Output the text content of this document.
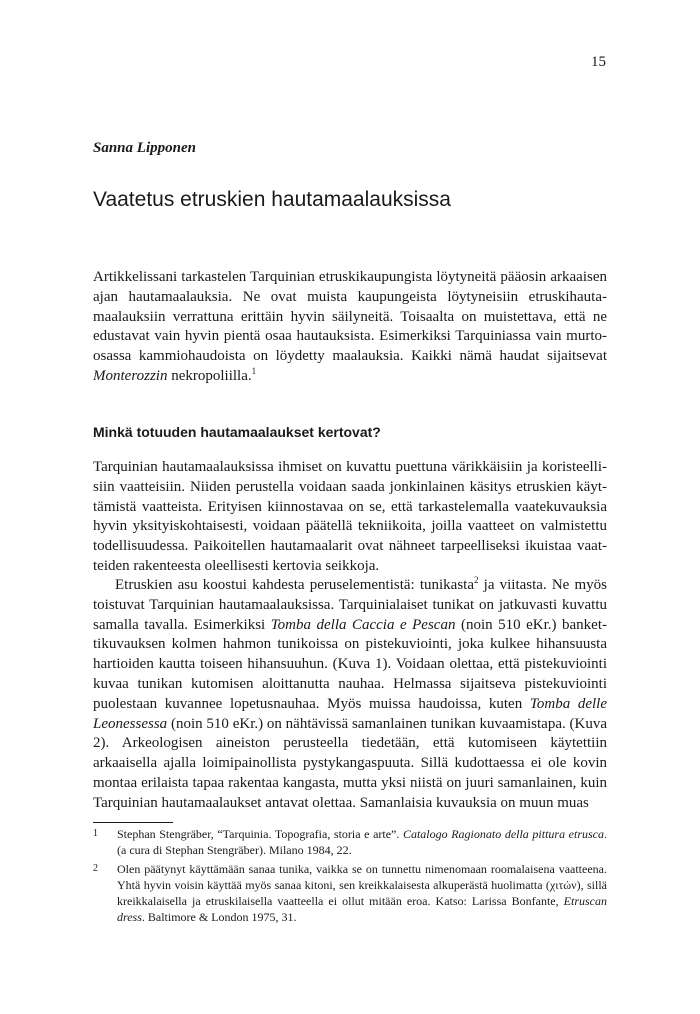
15
Sanna Lipponen
Vaatetus etruskien hautamaalauksissa

Artikkelissani tarkastelen Tarquinian etruskikaupungista löytyneitä pääosin arkaaisen ajan hautamaalauksia. Ne ovat muista kaupungeista löytyneisiin etruskihautamaalauksiin verrattuna erittäin hyvin säilyneitä. Toisaalta on muistettava, että ne edustavat vain hyvin pientä osaa hautauksista. Esimerkiksi Tarquiniassa vain murto-osassa kammiohaudoista on löydetty maalauksia. Kaikki nämä haudat sijaitsevat Monterozzin nekropoliilla.$^1$

Minkä totuuden hautamaalaukset kertovat?

Tarquinian hautamaalauksissa ihmiset on kuvattu puettuna värikkäisiin ja koristeellisiin vaatteisiin. Niiden perustella voidaan saada jonkinlainen käsitys etruskien käyttämistä vaatteista. Erityisen kiinnostavaa on se, että tarkastelemalla vaatekuvauksia hyvin yksityiskohtaisesti, voidaan päätellä tekniikoita, joilla vaatteet on valmistettu todellisuudessa. Paikoitellen hautamaalarit ovat nähneet tarpeelliseksi ikuistaa vaatteiden rakenteesta oleellisesti kertovia seikkoja.

Etruskien asu koostui kahdesta peruselementistä: tunikasta$^2$ ja viitasta. Ne myös toistuvat Tarquinian hautamaalauksissa. Tarquinialaiset tunikat on jatkuvasti kuvattu samalla tavalla. Esimerkiksi Tomba della Caccia e Pescan (noin 510 eKr.) bankettikuvauksen kolmen hahmon tunikoissa on pistekuviointi, joka kulkee hihansuusta hartioiden kautta toiseen hihansuuhun. (Kuva 1). Voidaan olettaa, että pistekuviointi kuvaa tunikan kutomisen aloittanutta nauhaa. Helmassa sijaitseva pistekuviointi puolestaan kuvannee lopetusnauhaa. Myös muissa haudoissa, kuten Tomba delle Leonessessa (noin 510 eKr.) on nähtävissä samanlainen tunikan kuvaamistapa. (Kuva 2). Arkeologisen aineiston perusteella tiedetään, että kutomiseen käytettiin arkaaisella ajalla loimipainollista pystykangaspuuta. Sillä kudottaessa ei ole kovin montaa erilaista tapaa rakentaa kangasta, mutta yksi niistä on juuri samanlainen, kuin Tarquinian hautamaalaukset antavat olettaa. Samanlaisia kuvauksia on muun muas

1	Stephan Stengräber, “Tarquinia. Topografia, storia e arte”. Catalogo Ragionato della pittura etrusca. (a cura di Stephan Stengräber). Milano 1984, 22.
2	Olen päätynyt käyttämään sanaa tunika, vaikka se on tunnettu nimenomaan roomalaisena vaatteena. Yhtä hyvin voisin käyttää myös sanaa kitoni, sen kreikkalaisesta alkuperästä huolimatta (χιτών), sillä kreikkalaisella ja etruskilaisella vaatteella ei ollut mitään eroa. Katso: Larissa Bonfante, Etruscan dress. Baltimore & London 1975, 31.
